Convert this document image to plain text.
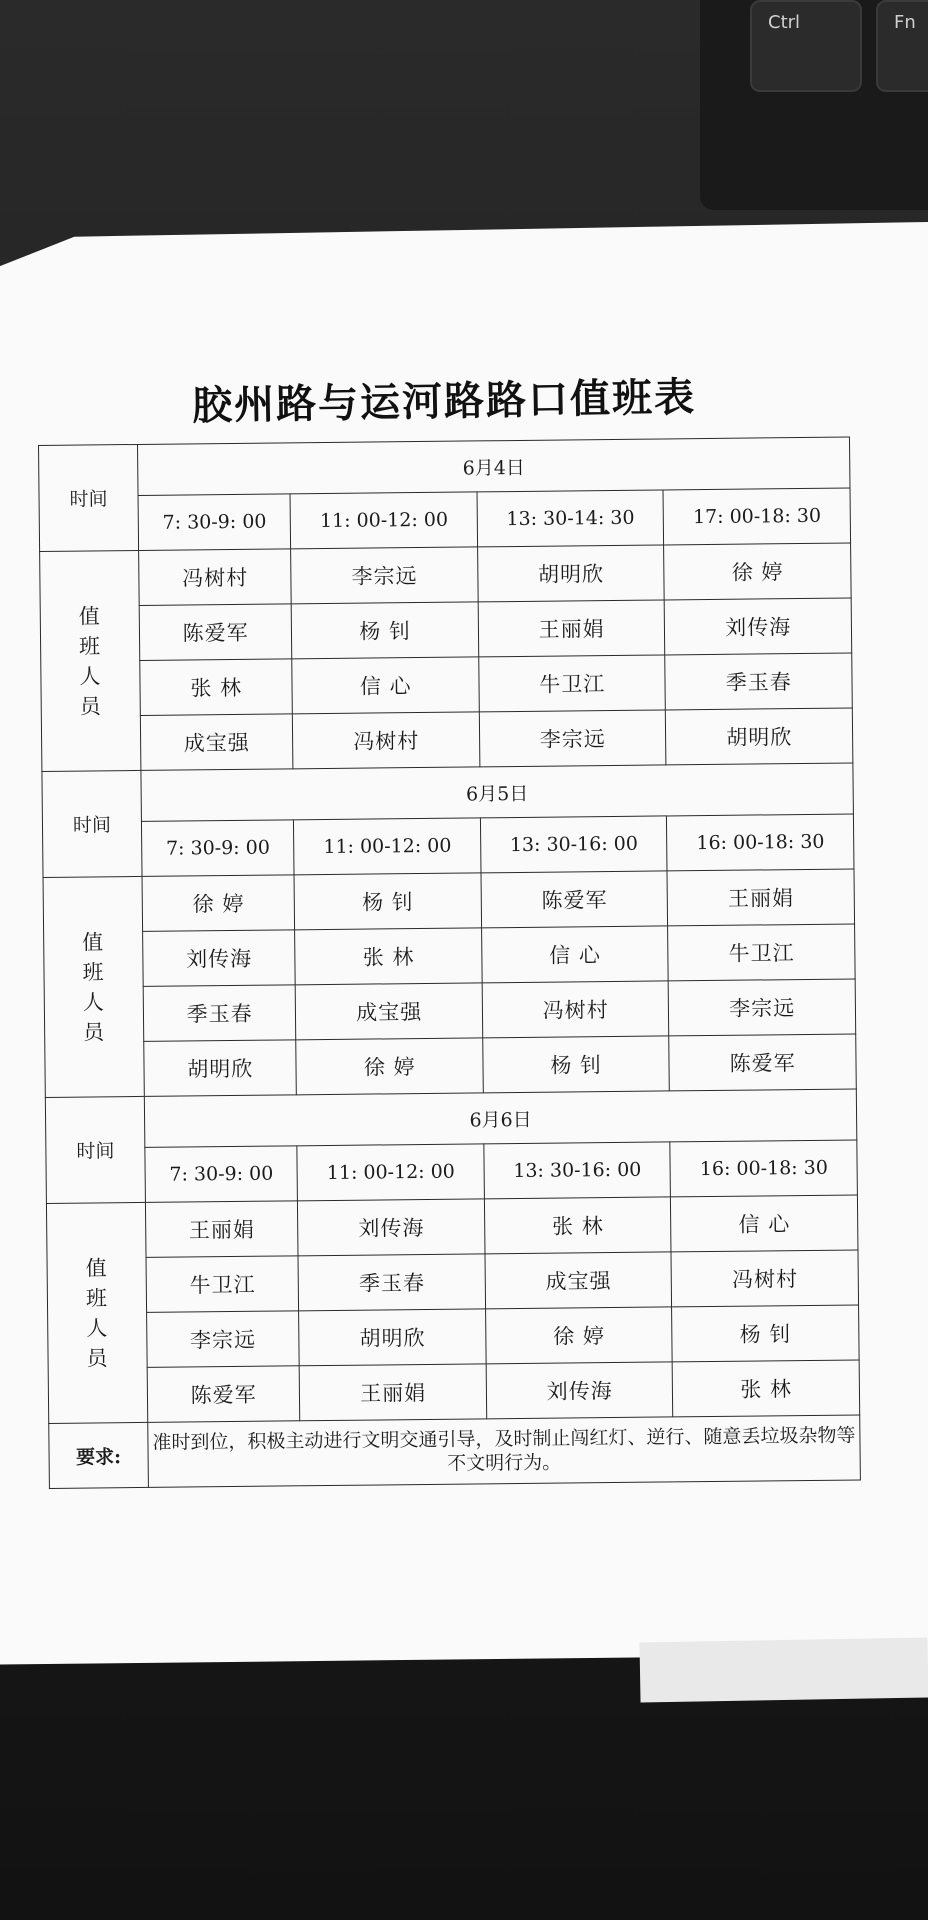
Ctrl	Fn
胶州路与运河路路口值班表
时间	6月4日			
	7: 30-9: 00	11: 00-12: 00	13: 30-14: 30	17: 00-18: 30

值
班
人
员	冯树村	李宗远	胡明欣	徐 婷
	陈爱军	杨 钊	王丽娟	刘传海
	张 林	信 心	牛卫江	季玉春
	成宝强	冯树村	李宗远	胡明欣
时间	6月5日			
	7: 30-9: 00	11: 00-12: 00	13: 30-16: 00	16: 00-18: 30

值
班
人
员	徐 婷	杨 钊	陈爱军	王丽娟
	刘传海	张 林	信 心	牛卫江
	季玉春	成宝强	冯树村	李宗远
	胡明欣	徐 婷	杨 钊	陈爱军
时间	6月6日			
	7: 30-9: 00	11: 00-12: 00	13: 30-16: 00	16: 00-18: 30

值
班
人
员	王丽娟	刘传海	张 林	信 心
	牛卫江	季玉春	成宝强	冯树村
	李宗远	胡明欣	徐 婷	杨 钊
	陈爱军	王丽娟	刘传海	张 林
要求:	准时到位，积极主动进行文明交通引导，及时制止闯红灯、逆行、随意丢垃圾杂物等不文明行为。			
